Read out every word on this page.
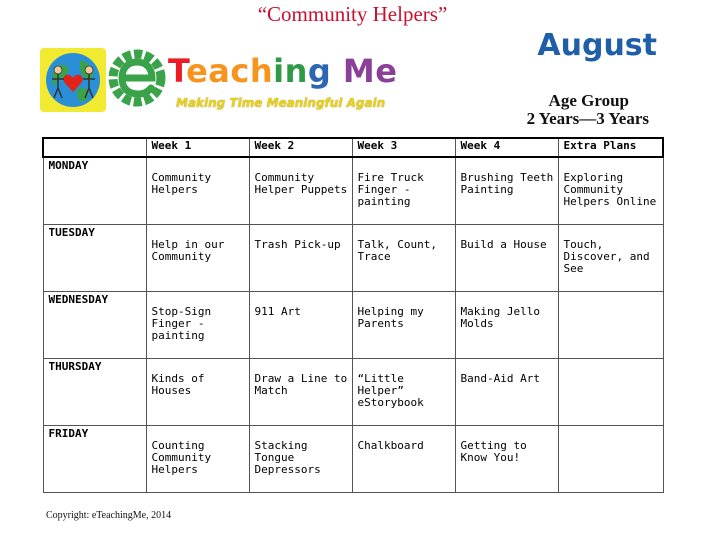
“Community Helpers”
Teaching Me
Making Time Meaningful Again
August
Age Group
2 Years—3 Years
	Week 1	Week 2	Week 3	Week 4	Extra Plans
MONDAY	Community Helpers	Community Helper Puppets	Fire Truck Finger -painting	Brushing Teeth Painting	Exploring Community Helpers Online
TUESDAY	Help in our Community	Trash Pick-up	Talk, Count, Trace	Build a House	Touch, Discover, and See
WEDNESDAY	Stop-Sign Finger -painting	911 Art	Helping my Parents	Making Jello Molds	
THURSDAY	Kinds of Houses	Draw a Line to Match	“Little Helper” eStorybook	Band-Aid Art	
FRIDAY	Counting Community Helpers	Stacking Tongue Depressors	Chalkboard	Getting to Know You!	
Copyright: eTeachingMe, 2014
